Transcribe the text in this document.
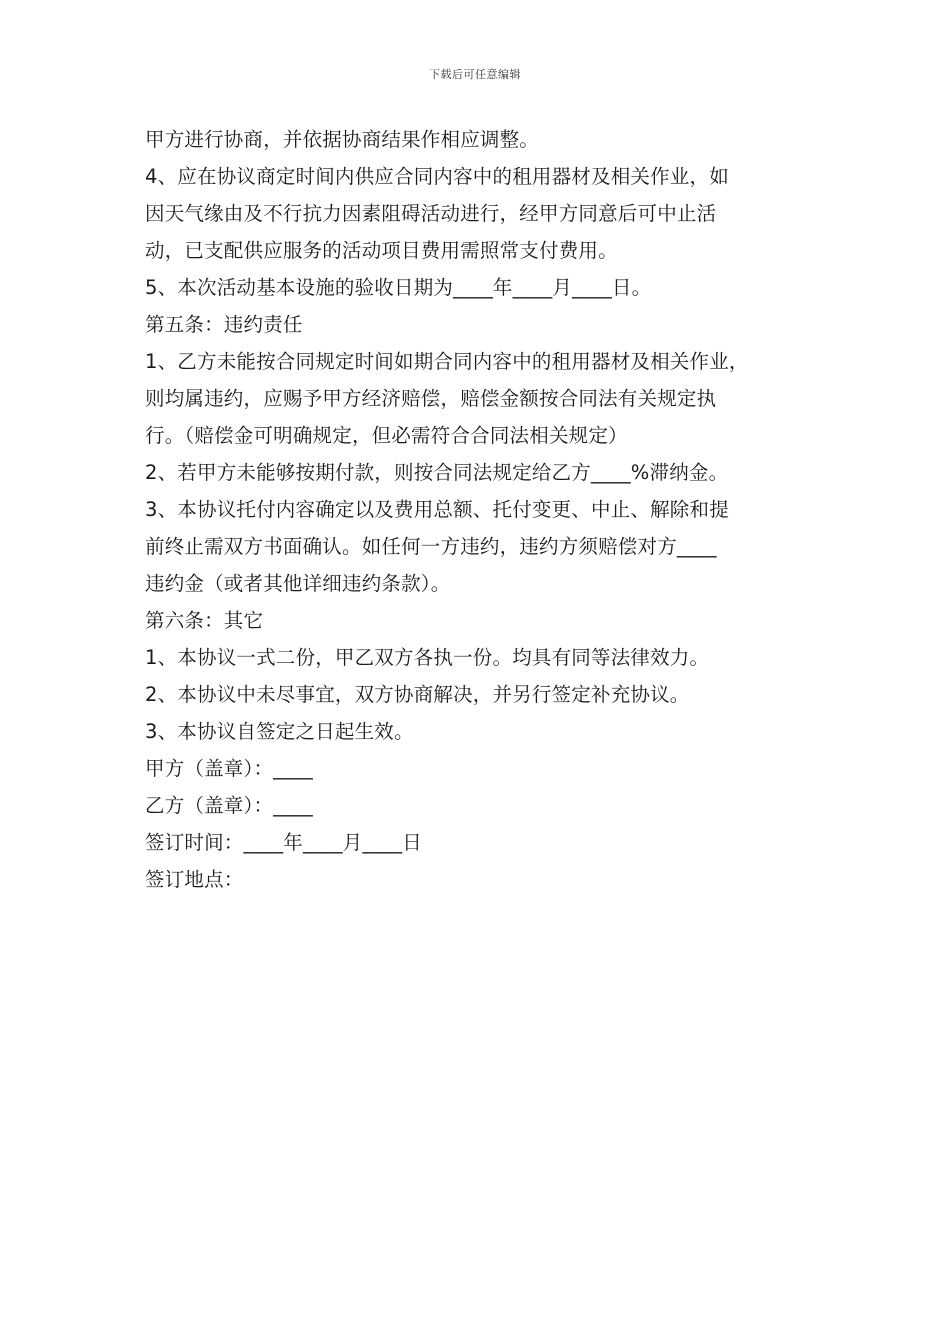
下载后可任意编辑
甲方进行协商，并依据协商结果作相应调整。
4、应在协议商定时间内供应合同内容中的租用器材及相关作业，如
因天气缘由及不行抗力因素阻碍活动进行，经甲方同意后可中止活
动，已支配供应服务的活动项目费用需照常支付费用。
5、本次活动基本设施的验收日期为____年____月____日。
第五条：违约责任
1、乙方未能按合同规定时间如期合同内容中的租用器材及相关作业，
则均属违约，应赐予甲方经济赔偿，赔偿金额按合同法有关规定执
行。（赔偿金可明确规定，但必需符合合同法相关规定）
2、若甲方未能够按期付款，则按合同法规定给乙方____%滞纳金。
3、本协议托付内容确定以及费用总额、托付变更、中止、解除和提
前终止需双方书面确认。如任何一方违约，违约方须赔偿对方____
违约金（或者其他详细违约条款）。
第六条：其它
1、本协议一式二份，甲乙双方各执一份。均具有同等法律效力。
2、本协议中未尽事宜，双方协商解决，并另行签定补充协议。
3、本协议自签定之日起生效。
甲方（盖章）：____
乙方（盖章）：____
签订时间：____年____月____日
签订地点：
